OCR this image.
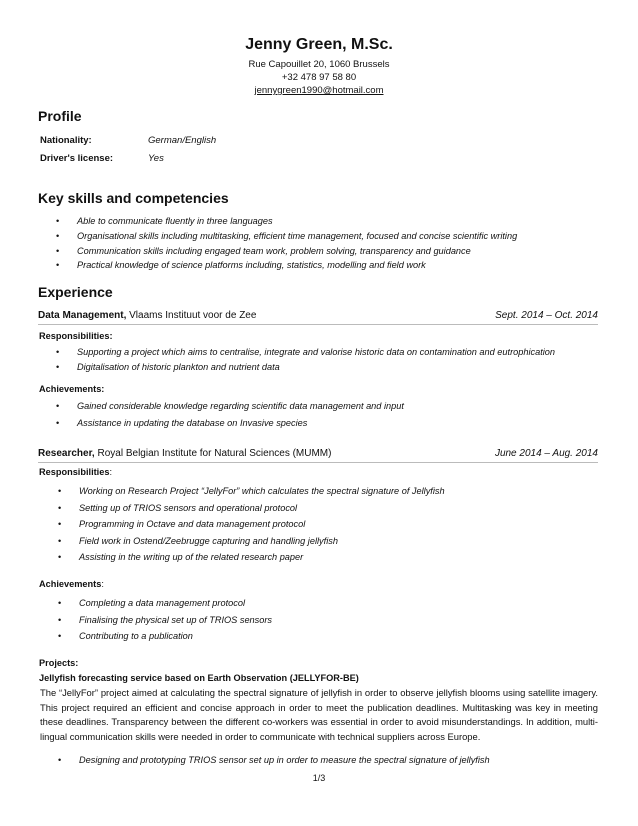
Jenny Green, M.Sc.
Rue Capouillet 20, 1060 Brussels
+32 478 97 58 80
jennygreen1990@hotmail.com
Profile
Nationality:	German/English
Driver's license:	Yes
Key skills and competencies
• Able to communicate fluently in three languages
• Organisational skills including multitasking, efficient time management, focused and concise scientific writing
• Communication skills including engaged team work, problem solving, transparency and guidance
• Practical knowledge of science platforms including, statistics, modelling and field work
Experience
Data Management, Vlaams Instituut voor de Zee	Sept. 2014 – Oct. 2014
Responsibilities:
• Supporting a project which aims to centralise, integrate and valorise historic data on contamination and eutrophication
• Digitalisation of historic plankton and nutrient data
Achievements:
• Gained considerable knowledge regarding scientific data management and input
• Assistance in updating the database on Invasive species
Researcher, Royal Belgian Institute for Natural Sciences (MUMM)	June 2014 – Aug. 2014
Responsibilities:
• Working on Research Project “JellyFor” which calculates the spectral signature of Jellyfish
• Setting up of TRIOS sensors and operational protocol
• Programming in Octave and data management protocol
• Field work in Ostend/Zeebrugge capturing and handling jellyfish
• Assisting in the writing up of the related research paper
Achievements:
• Completing a data management protocol
• Finalising the physical set up of TRIOS sensors
• Contributing to a publication
Projects:
Jellyfish forecasting service based on Earth Observation (JELLYFOR-BE)

The “JellyFor” project aimed at calculating the spectral signature of jellyfish in order to observe jellyfish blooms using satellite imagery. This project required an efficient and concise approach in order to meet the publication deadlines. Multitasking was key in meeting these deadlines. Transparency between the different co-workers was essential in order to avoid misunderstandings. In addition, multi-lingual communication skills were needed in order to communicate with technical suppliers across Europe.

• Designing and prototyping TRIOS sensor set up in order to measure the spectral signature of jellyfish
1/3
